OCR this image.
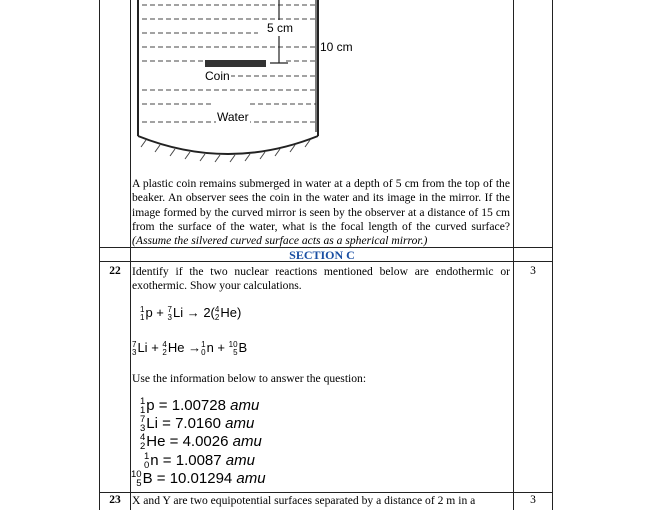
5 cm
10 cm
Coin
Water
A plastic coin remains submerged in water at a depth of 5 cm from the top of the beaker. An observer sees the coin in the water and its image in the mirror. If the image formed by the curved mirror is seen by the observer at a distance of 15 cm from the surface of the water, what is the focal length of the curved surface? (Assume the silvered curved surface acts as a spherical mirror.)
SECTION C
22	3
Identify if the two nuclear reactions mentioned below are endothermic or exothermic. Show your calculations.
1
1 p + 7
3 Li → 2( 4
2 He)
7
3 Li + 4
2 He → 1
0 n + 10
5 B
Use the information below to answer the question:
1
1 p = 1.00728 amu
7
3 Li = 7.0160 amu
4
2 He = 4.0026 amu
1
0 n = 1.0087 amu
10
5 B = 10.01294 amu
23	3
X and Y are two equipotential surfaces separated by a distance of 2 m in a
